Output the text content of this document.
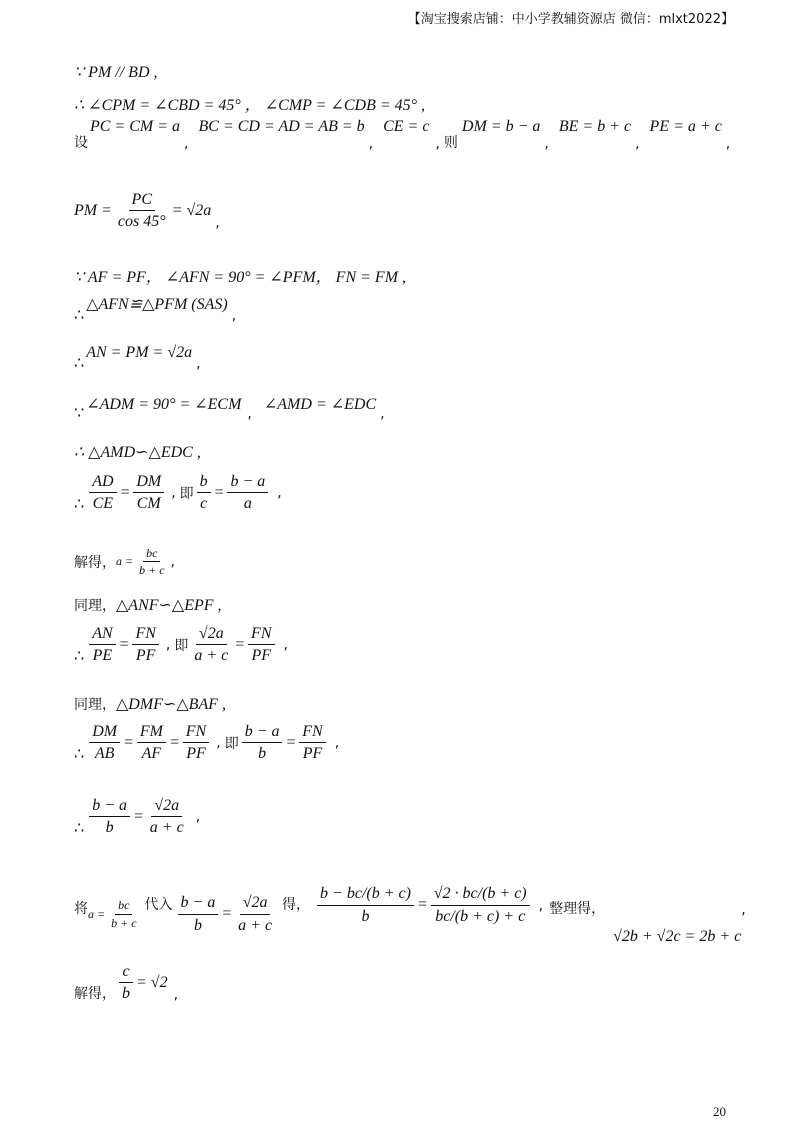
【淘宝搜索店铺：中小学教辅资源店 微信：mlxt2022】
∵ PM // BD ,
∴ ∠CPM = ∠CBD = 45° ， ∠CMP = ∠CDB = 45° ,
设
PC = CM = a
,
BC = CD = AD = AB = b
,
CE = c
, 则
DM = b − a
,
BE = b + c
,
PE = a + c
,
PM = $\frac{PC}{\cos 45^\circ} = √2a$
,
∵ AF = PF， ∠AFN = 90° = ∠PFM， FN = FM ,
∴
△AFN≌△PFM (SAS)
,
∴
AN = PM = √2a
,
∵ ∠ADM = 90° = ∠ECM
,
∠AMD = ∠EDC
,
∴ △AMD∽△EDC ,
∴ $\frac{AD}{CE} = \frac{DM}{CM}$ , 即 $\frac{b}{c} = \frac{b - a}{a}$ ,
解得， $a = \frac{bc}{b + c}$ ,
同理， △ANF∽△EPF ,
∴ $\frac{AN}{PE} = \frac{FN}{PF}$ , 即 $\frac{√2a}{a + c} = \frac{FN}{PF}$ ,
同理， △DMF∽△BAF ,
∴ $\frac{DM}{AB} = \frac{FM}{AF} = \frac{FN}{PF}$ , 即 $\frac{b - a}{b} = \frac{FN}{PF}$ ,
∴ $\frac{b - a}{b} = \frac{√2a}{a + c}$ ,
将 $a = \frac{bc}{b + c}$ 代入 $\frac{b - a}{b} = \frac{√2a}{a + c}$ 得， $\frac{b - bc/(b + c)}{b} = \frac{√2 \cdot bc/(b + c)}{bc/(b + c) + c}$ , 整理得，
√2b + √2c = 2b + c
,
解得， $\frac{c}{b} = √2$
,
20
